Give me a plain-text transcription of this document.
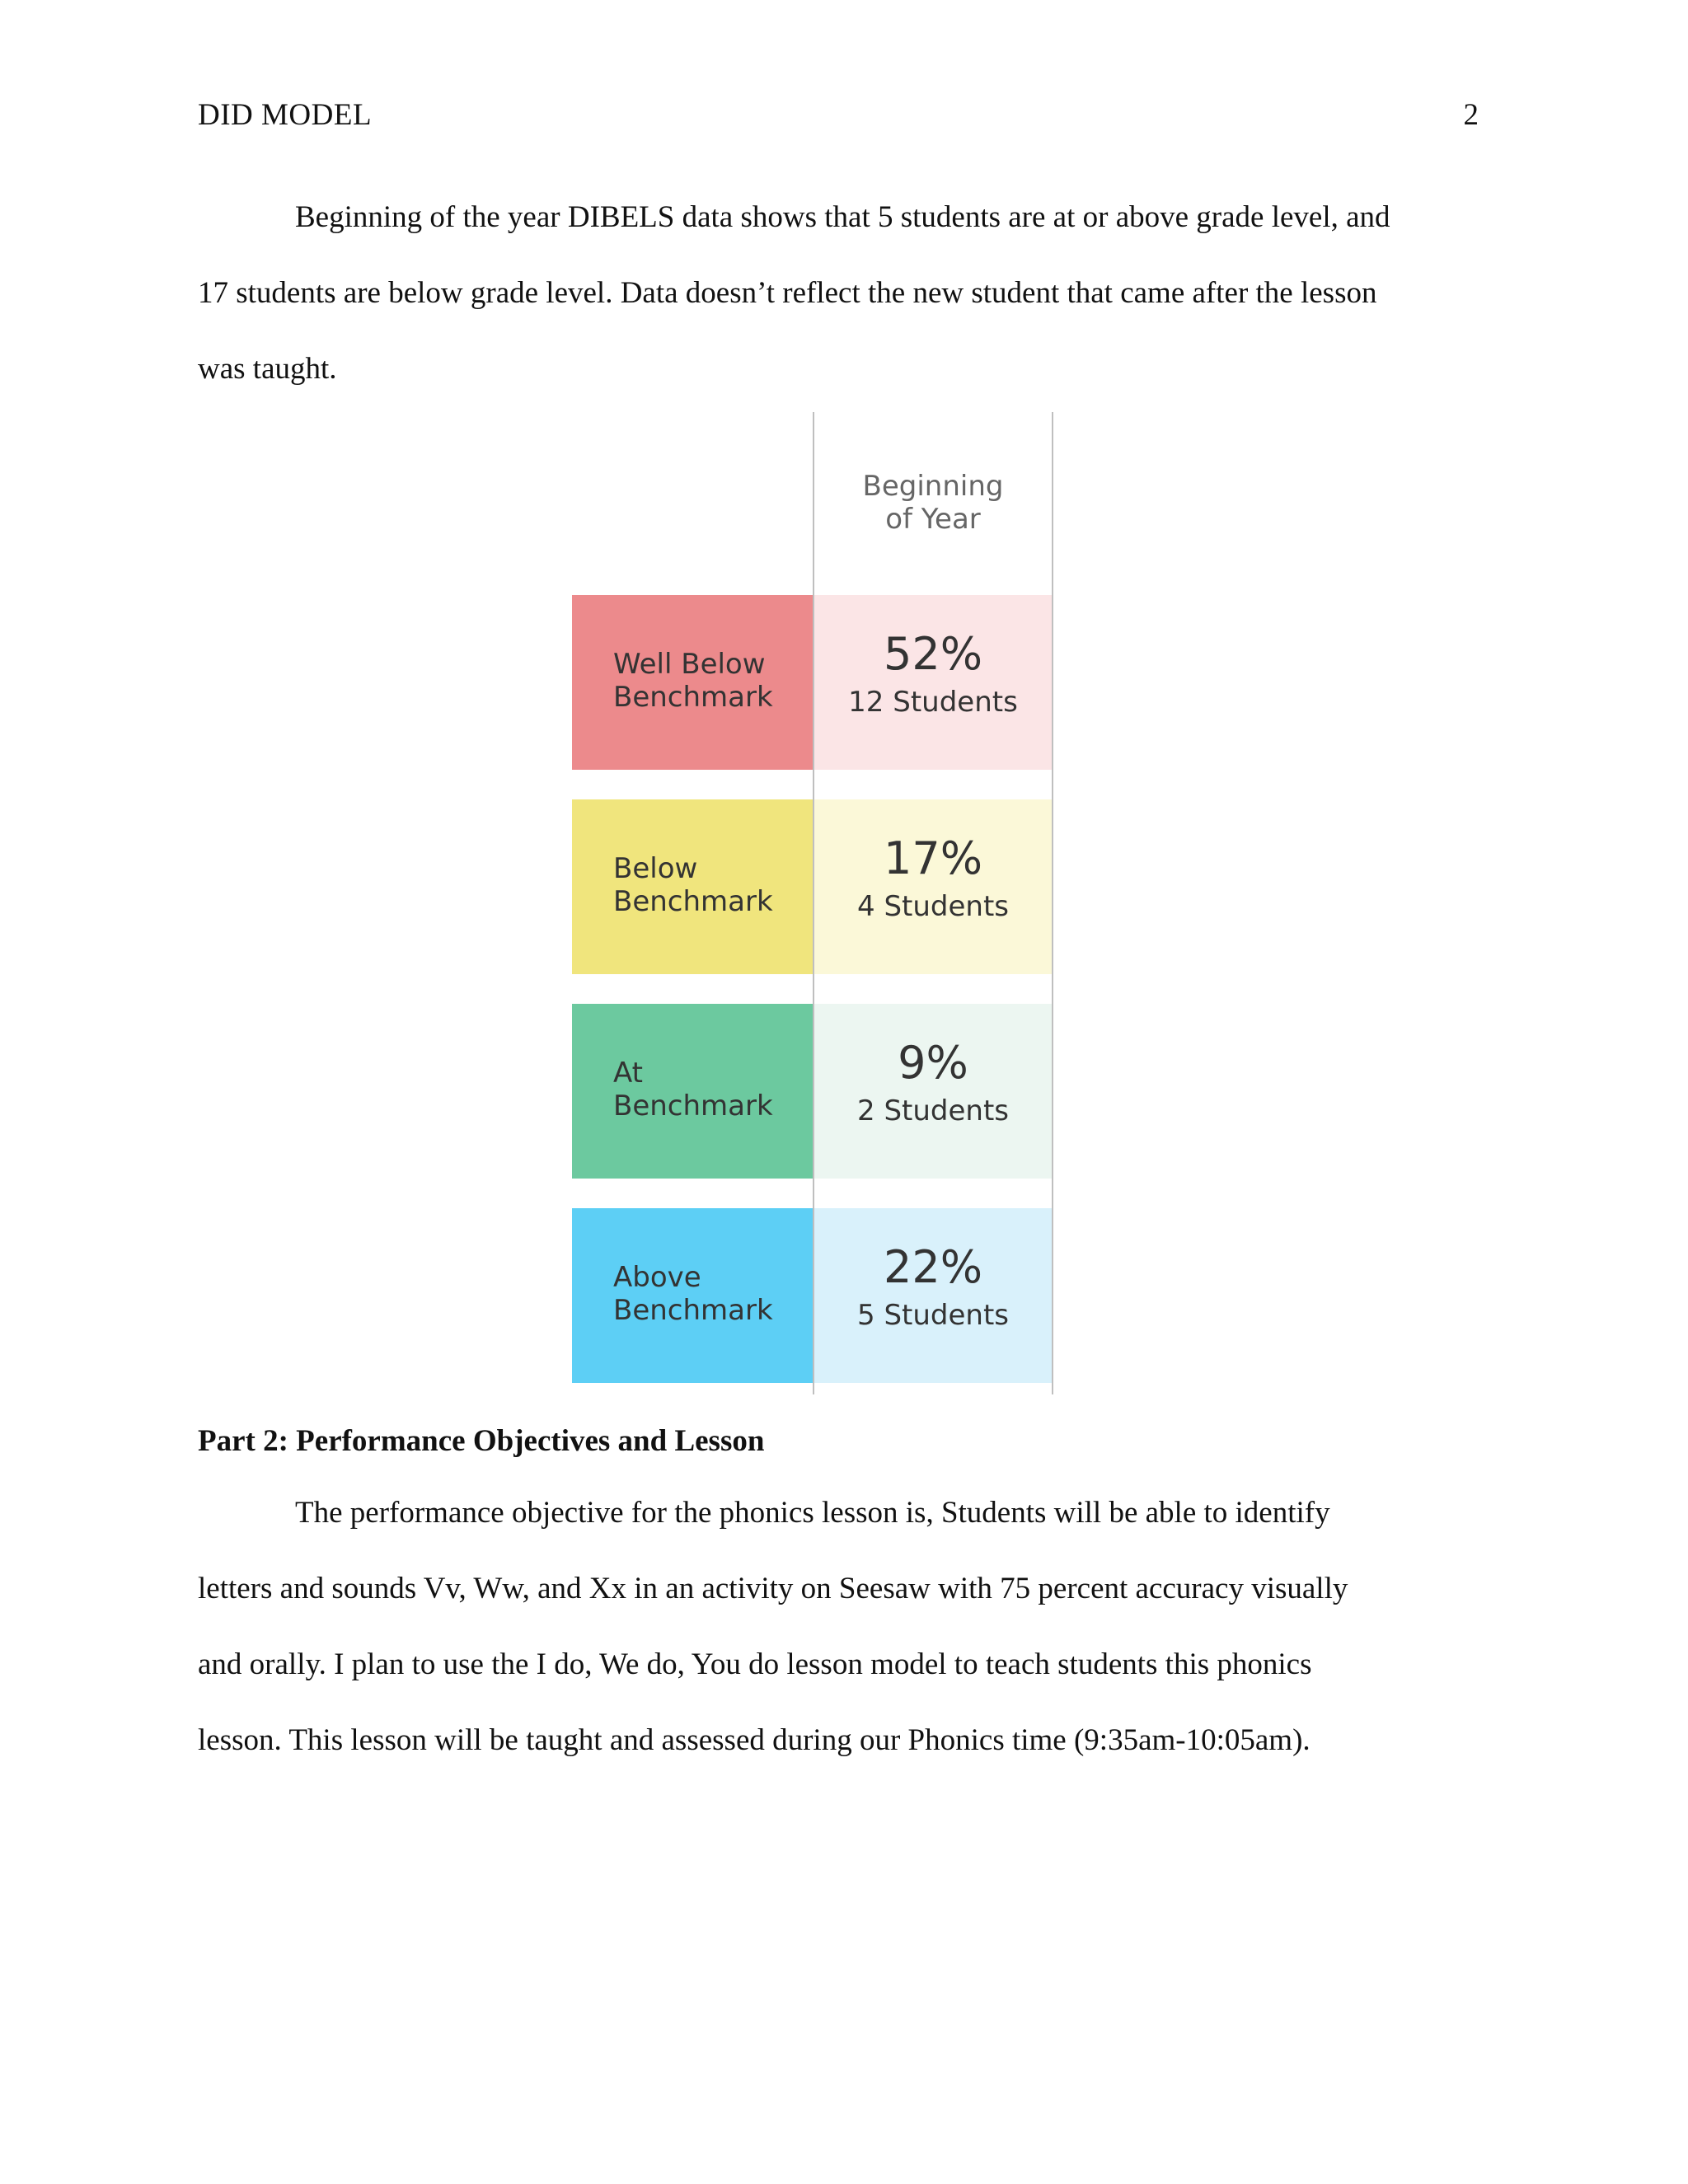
DID MODEL	2

Beginning of the year DIBELS data shows that 5 students are at or above grade level, and
17 students are below grade level. Data doesn’t reflect the new student that came after the lesson
was taught.

Beginning
of Year
Well Below
Benchmark
52%
12 Students
Below
Benchmark
17%
4 Students
At
Benchmark
9%
2 Students
Above
Benchmark
22%
5 Students
Part 2: Performance Objectives and Lesson

The performance objective for the phonics lesson is, Students will be able to identify
letters and sounds Vv, Ww, and Xx in an activity on Seesaw with 75 percent accuracy visually
and orally. I plan to use the I do, We do, You do lesson model to teach students this phonics
lesson. This lesson will be taught and assessed during our Phonics time (9:35am-10:05am).
